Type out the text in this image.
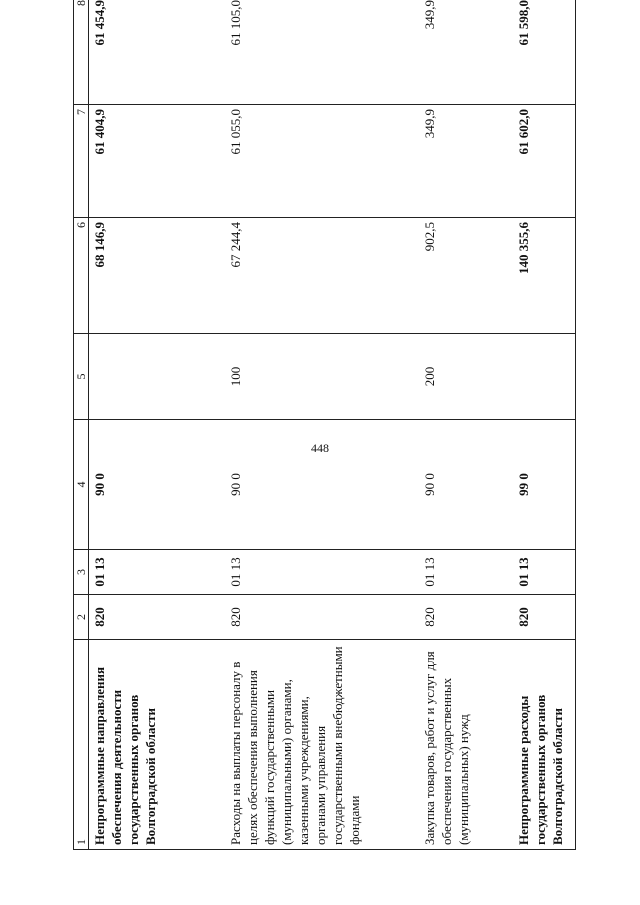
448
1	2	3	4	5	6	7	8
Непрограммные направления обеспечения деятельности государственных органов Волгоградской области	820	01 13	90 0		68 146,9	61 404,9	61 454,9
Расходы на выплаты персоналу в целях обеспечения выполнения функций государственными (муниципальными) органами, казенными учреждениями, органами управления государственными внебюджетными фондами	820	01 13	90 0	100	67 244,4	61 055,0	61 105,0
Закупка товаров, работ и услуг для обеспечения государственных (муниципальных) нужд	820	01 13	90 0	200	902,5	349,9	349,9
Непрограммные расходы государственных органов Волгоградской области	820	01 13	99 0		140 355,6	61 602,0	61 598,0
